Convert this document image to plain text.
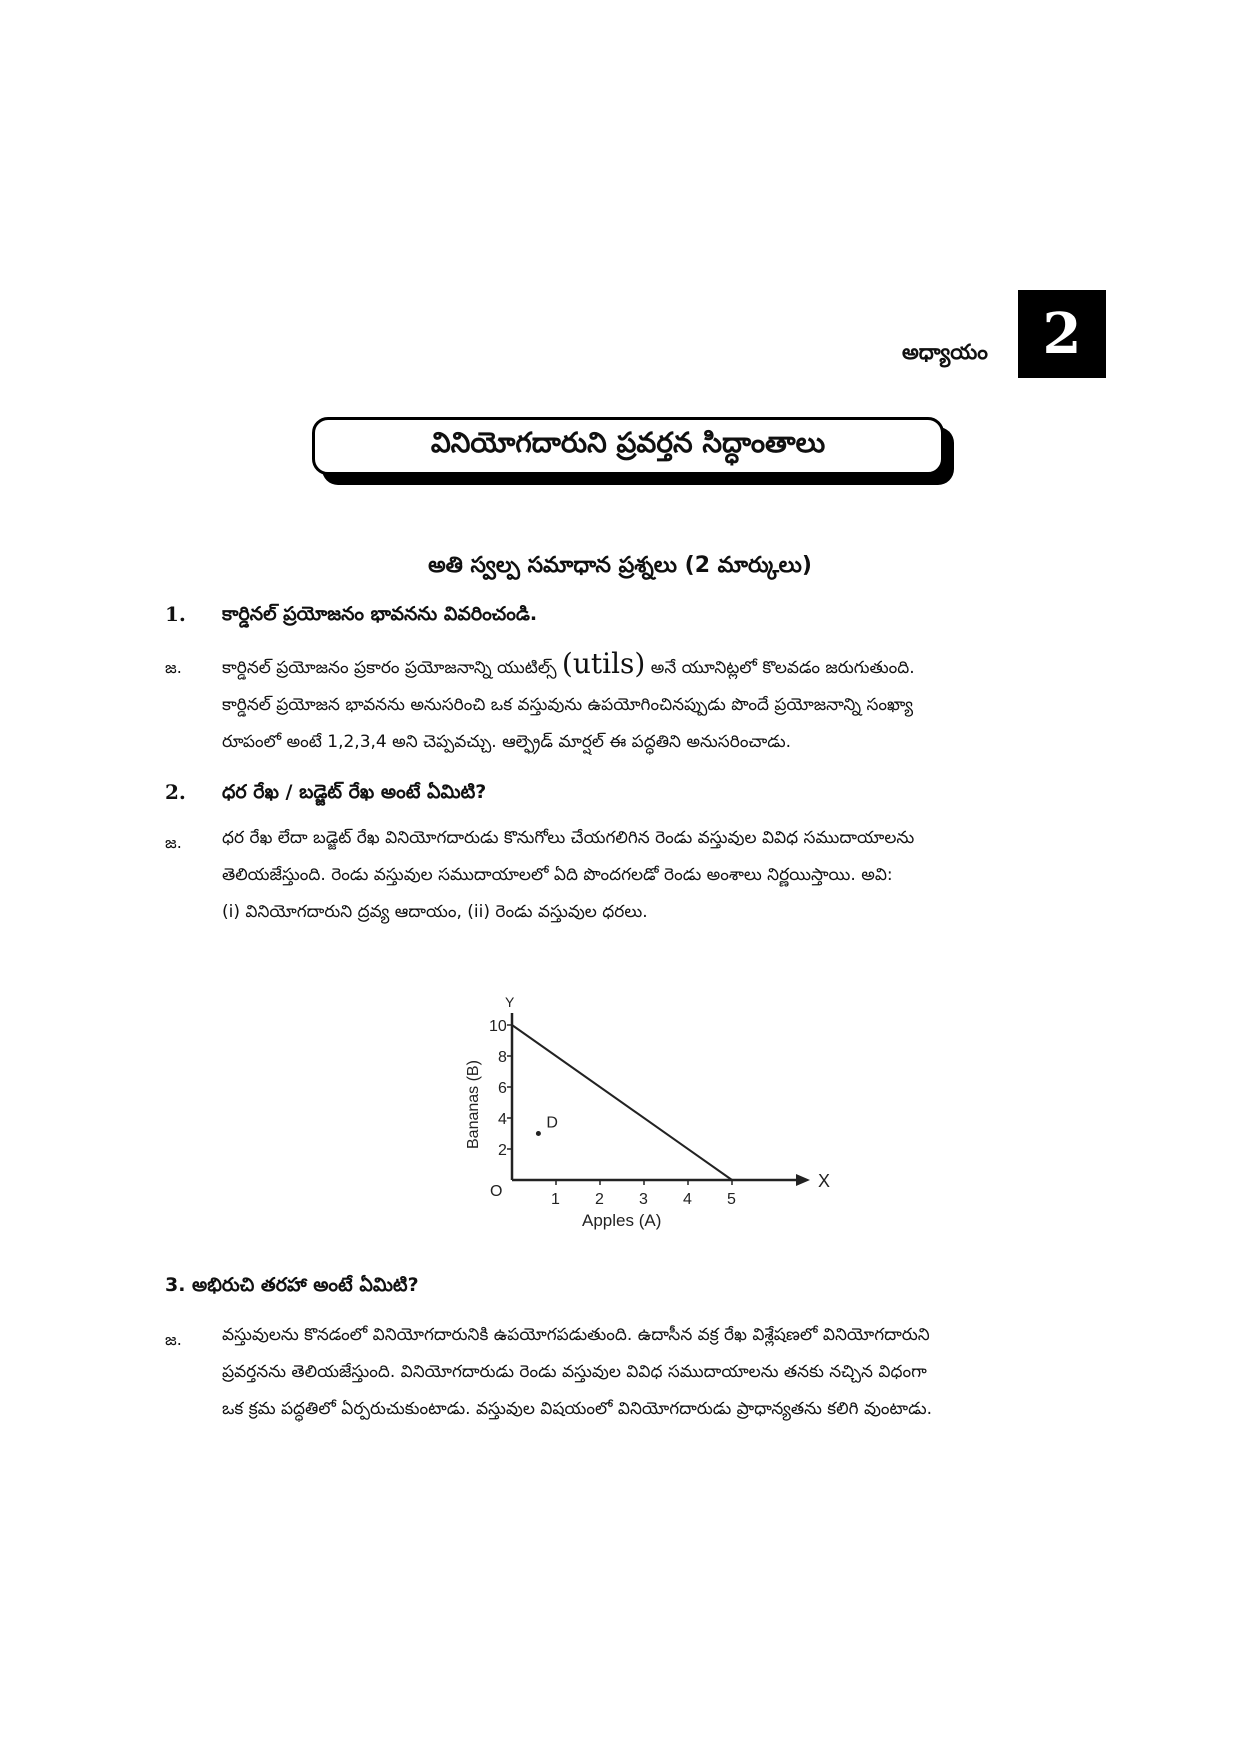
అధ్యాయం 2
వినియోగదారుని ప్రవర్తన సిద్ధాంతాలు
అతి స్వల్ప సమాధాన ప్రశ్నలు (2 మార్కులు)
1. కార్డినల్ ప్రయోజనం భావనను వివరించండి.
జ. కార్డినల్ ప్రయోజనం ప్రకారం ప్రయోజనాన్ని యుటిల్స్ (utils) అనే యూనిట్లలో కొలవడం జరుగుతుంది.
కార్డినల్ ప్రయోజన భావనను అనుసరించి ఒక వస్తువును ఉపయోగించినప్పుడు పొందే ప్రయోజనాన్ని సంఖ్యా
రూపంలో అంటే 1,2,3,4 అని చెప్పవచ్చు. ఆల్ఫ్రెడ్ మార్షల్ ఈ పద్ధతిని అనుసరించాడు.
2. ధర రేఖ / బడ్జెట్ రేఖ అంటే ఏమిటి?
జ. ధర రేఖ లేదా బడ్జెట్ రేఖ వినియోగదారుడు కొనుగోలు చేయగలిగిన రెండు వస్తువుల వివిధ సముదాయాలను
తెలియజేస్తుంది. రెండు వస్తువుల సముదాయాలలో ఏది పొందగలడో రెండు అంశాలు నిర్ణయిస్తాయి. అవి:
(i) వినియోగదారుని ద్రవ్య ఆదాయం, (ii) రెండు వస్తువుల ధరలు.
X
Y
O	1 2 3 4 5
2
4
6
8
10
Apples (A)
Bananas (B)	D
3. అభిరుచి తరహా అంటే ఏమిటి?
జ. వస్తువులను కొనడంలో వినియోగదారునికి ఉపయోగపడుతుంది. ఉదాసీన వక్ర రేఖ విశ్లేషణలో వినియోగదారుని
ప్రవర్తనను తెలియజేస్తుంది. వినియోగదారుడు రెండు వస్తువుల వివిధ సముదాయాలను తనకు నచ్చిన విధంగా
ఒక క్రమ పద్ధతిలో ఏర్పరుచుకుంటాడు. వస్తువుల విషయంలో వినియోగదారుడు ప్రాధాన్యతను కలిగి వుంటాడు.
